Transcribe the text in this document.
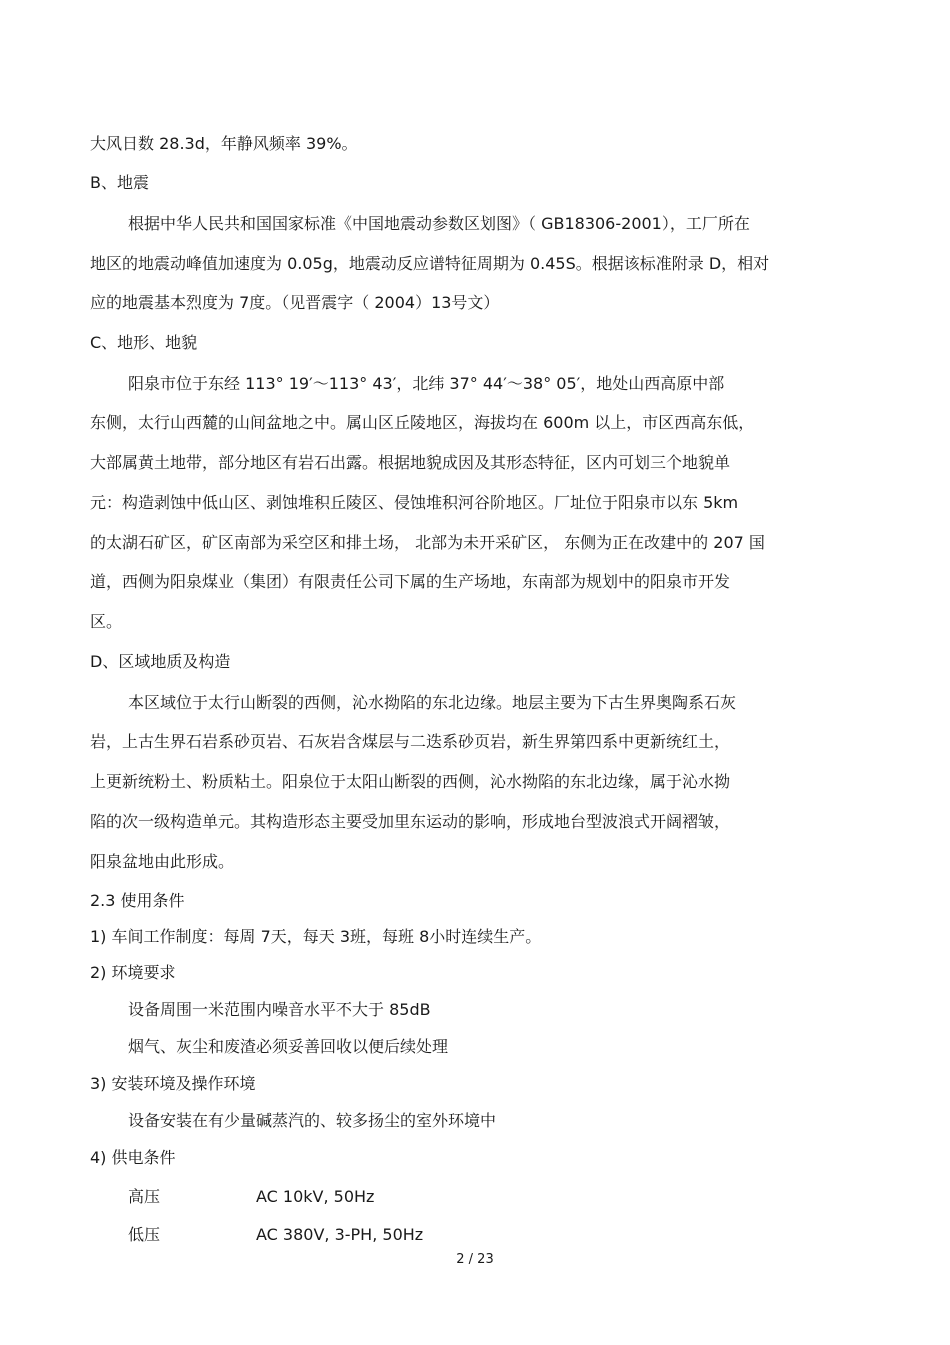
大风日数 28.3d，年静风频率 39%。

B、地震

根据中华人民共和国国家标准《中国地震动参数区划图》（ GB18306-2001），工厂所在

地区的地震动峰值加速度为 0.05g，地震动反应谱特征周期为 0.45S。根据该标准附录 D，相对

应的地震基本烈度为 7度。（见晋震字（ 2004）13号文）

C、地形、地貌

阳泉市位于东经 113° 19′～113° 43′，北纬 37° 44′～38° 05′，地处山西高原中部

东侧，太行山西麓的山间盆地之中。属山区丘陵地区，海拔均在 600m 以上，市区西高东低，

大部属黄土地带，部分地区有岩石出露。根据地貌成因及其形态特征，区内可划三个地貌单

元：构造剥蚀中低山区、剥蚀堆积丘陵区、侵蚀堆积河谷阶地区。厂址位于阳泉市以东 5km

的太湖石矿区，矿区南部为采空区和排土场， 北部为未开采矿区， 东侧为正在改建中的 207 国

道，西侧为阳泉煤业（集团）有限责任公司下属的生产场地，东南部为规划中的阳泉市开发

区。

D、区域地质及构造

本区域位于太行山断裂的西侧，沁水拗陷的东北边缘。地层主要为下古生界奥陶系石灰

岩，上古生界石岩系砂页岩、石灰岩含煤层与二迭系砂页岩，新生界第四系中更新统红土，

上更新统粉土、粉质粘土。阳泉位于太阳山断裂的西侧，沁水拗陷的东北边缘，属于沁水拗

陷的次一级构造单元。其构造形态主要受加里东运动的影响，形成地台型波浪式开阔褶皱，

阳泉盆地由此形成。

2.3 使用条件

1) 车间工作制度：每周 7天，每天 3班，每班 8小时连续生产。

2) 环境要求

设备周围一米范围内噪音水平不大于 85dB

烟气、灰尘和废渣必须妥善回收以便后续处理

3) 安装环境及操作环境

设备安装在有少量碱蒸汽的、较多扬尘的室外环境中

4) 供电条件

高压	AC 10kV, 50Hz

低压	AC 380V, 3-PH, 50Hz

2 / 23
